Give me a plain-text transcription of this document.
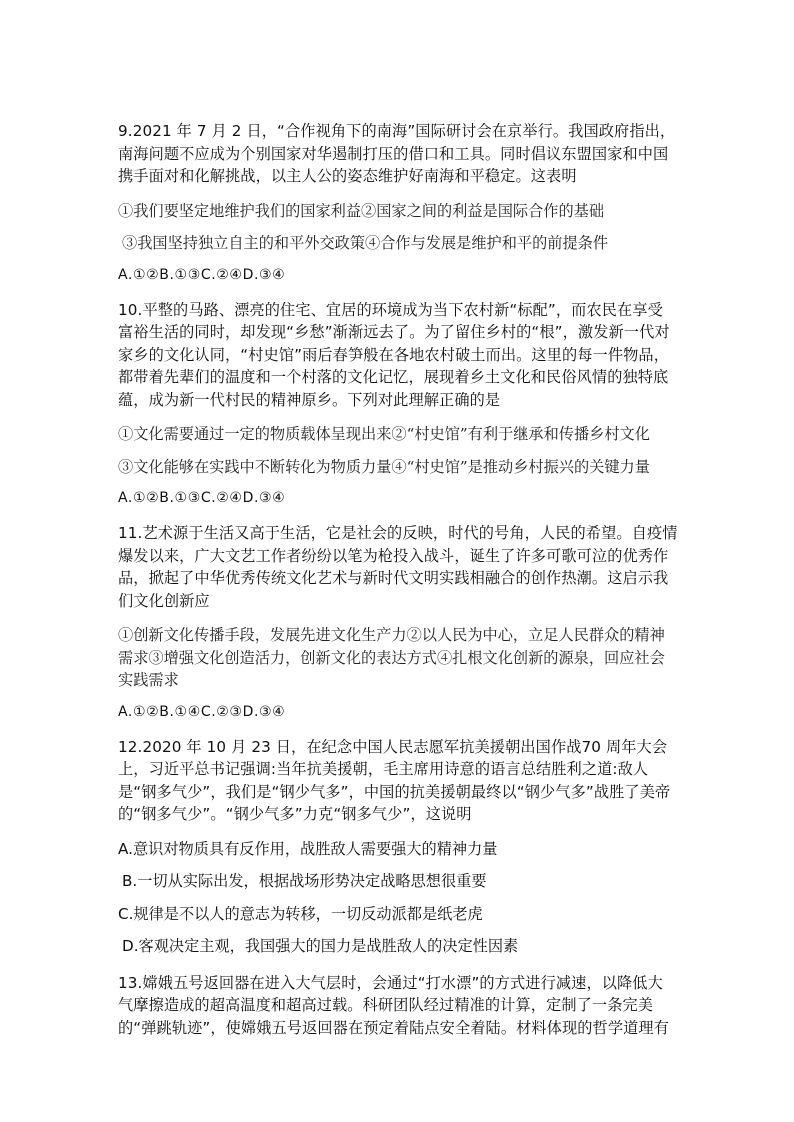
9.2021 年 7 月 2 日，“合作视角下的南海”国际研讨会在京举行。我国政府指出，南海问题不应成为个别国家对华遏制打压的借口和工具。同时倡议东盟国家和中国携手面对和化解挑战，以主人公的姿态维护好南海和平稳定。这表明

①我们要坚定地维护我们的国家利益②国家之间的利益是国际合作的基础

③我国坚持独立自主的和平外交政策④合作与发展是维护和平的前提条件

A.①②B.①③C.②④D.③④

10.平整的马路、漂亮的住宅、宜居的环境成为当下农村新“标配”，而农民在享受富裕生活的同时，却发现“乡愁”渐渐远去了。为了留住乡村的“根”，激发新一代对家乡的文化认同，“村史馆”雨后春笋般在各地农村破土而出。这里的每一件物品，都带着先辈们的温度和一个村落的文化记忆，展现着乡土文化和民俗风情的独特底蕴，成为新一代村民的精神原乡。下列对此理解正确的是

①文化需要通过一定的物质载体呈现出来②“村史馆”有利于继承和传播乡村文化

③文化能够在实践中不断转化为物质力量④“村史馆”是推动乡村振兴的关键力量

A.①②B.①③C.②④D.③④

11.艺术源于生活又高于生活，它是社会的反映，时代的号角，人民的希望。自疫情爆发以来，广大文艺工作者纷纷以笔为枪投入战斗，诞生了许多可歌可泣的优秀作品，掀起了中华优秀传统文化艺术与新时代文明实践相融合的创作热潮。这启示我们文化创新应

①创新文化传播手段，发展先进文化生产力②以人民为中心，立足人民群众的精神需求③增强文化创造活力，创新文化的表达方式④扎根文化创新的源泉，回应社会实践需求

A.①②B.①④C.②③D.③④

12.2020 年 10 月 23 日，在纪念中国人民志愿军抗美援朝出国作战70 周年大会上，习近平总书记强调:当年抗美援朝，毛主席用诗意的语言总结胜利之道:敌人是“钢多气少”，我们是“钢少气多”，中国的抗美援朝最终以“钢少气多”战胜了美帝的“钢多气少”。“钢少气多”力克“钢多气少”，这说明

A.意识对物质具有反作用，战胜敌人需要强大的精神力量

B.一切从实际出发，根据战场形势决定战略思想很重要

C.规律是不以人的意志为转移，一切反动派都是纸老虎

D.客观决定主观，我国强大的国力是战胜敌人的决定性因素

13.嫦娥五号返回器在进入大气层时，会通过“打水漂”的方式进行减速，以降低大气摩擦造成的超高温度和超高过载。科研团队经过精准的计算，定制了一条完美的“弹跳轨迹”，使嫦娥五号返回器在预定着陆点安全着陆。材料体现的哲学道理有
